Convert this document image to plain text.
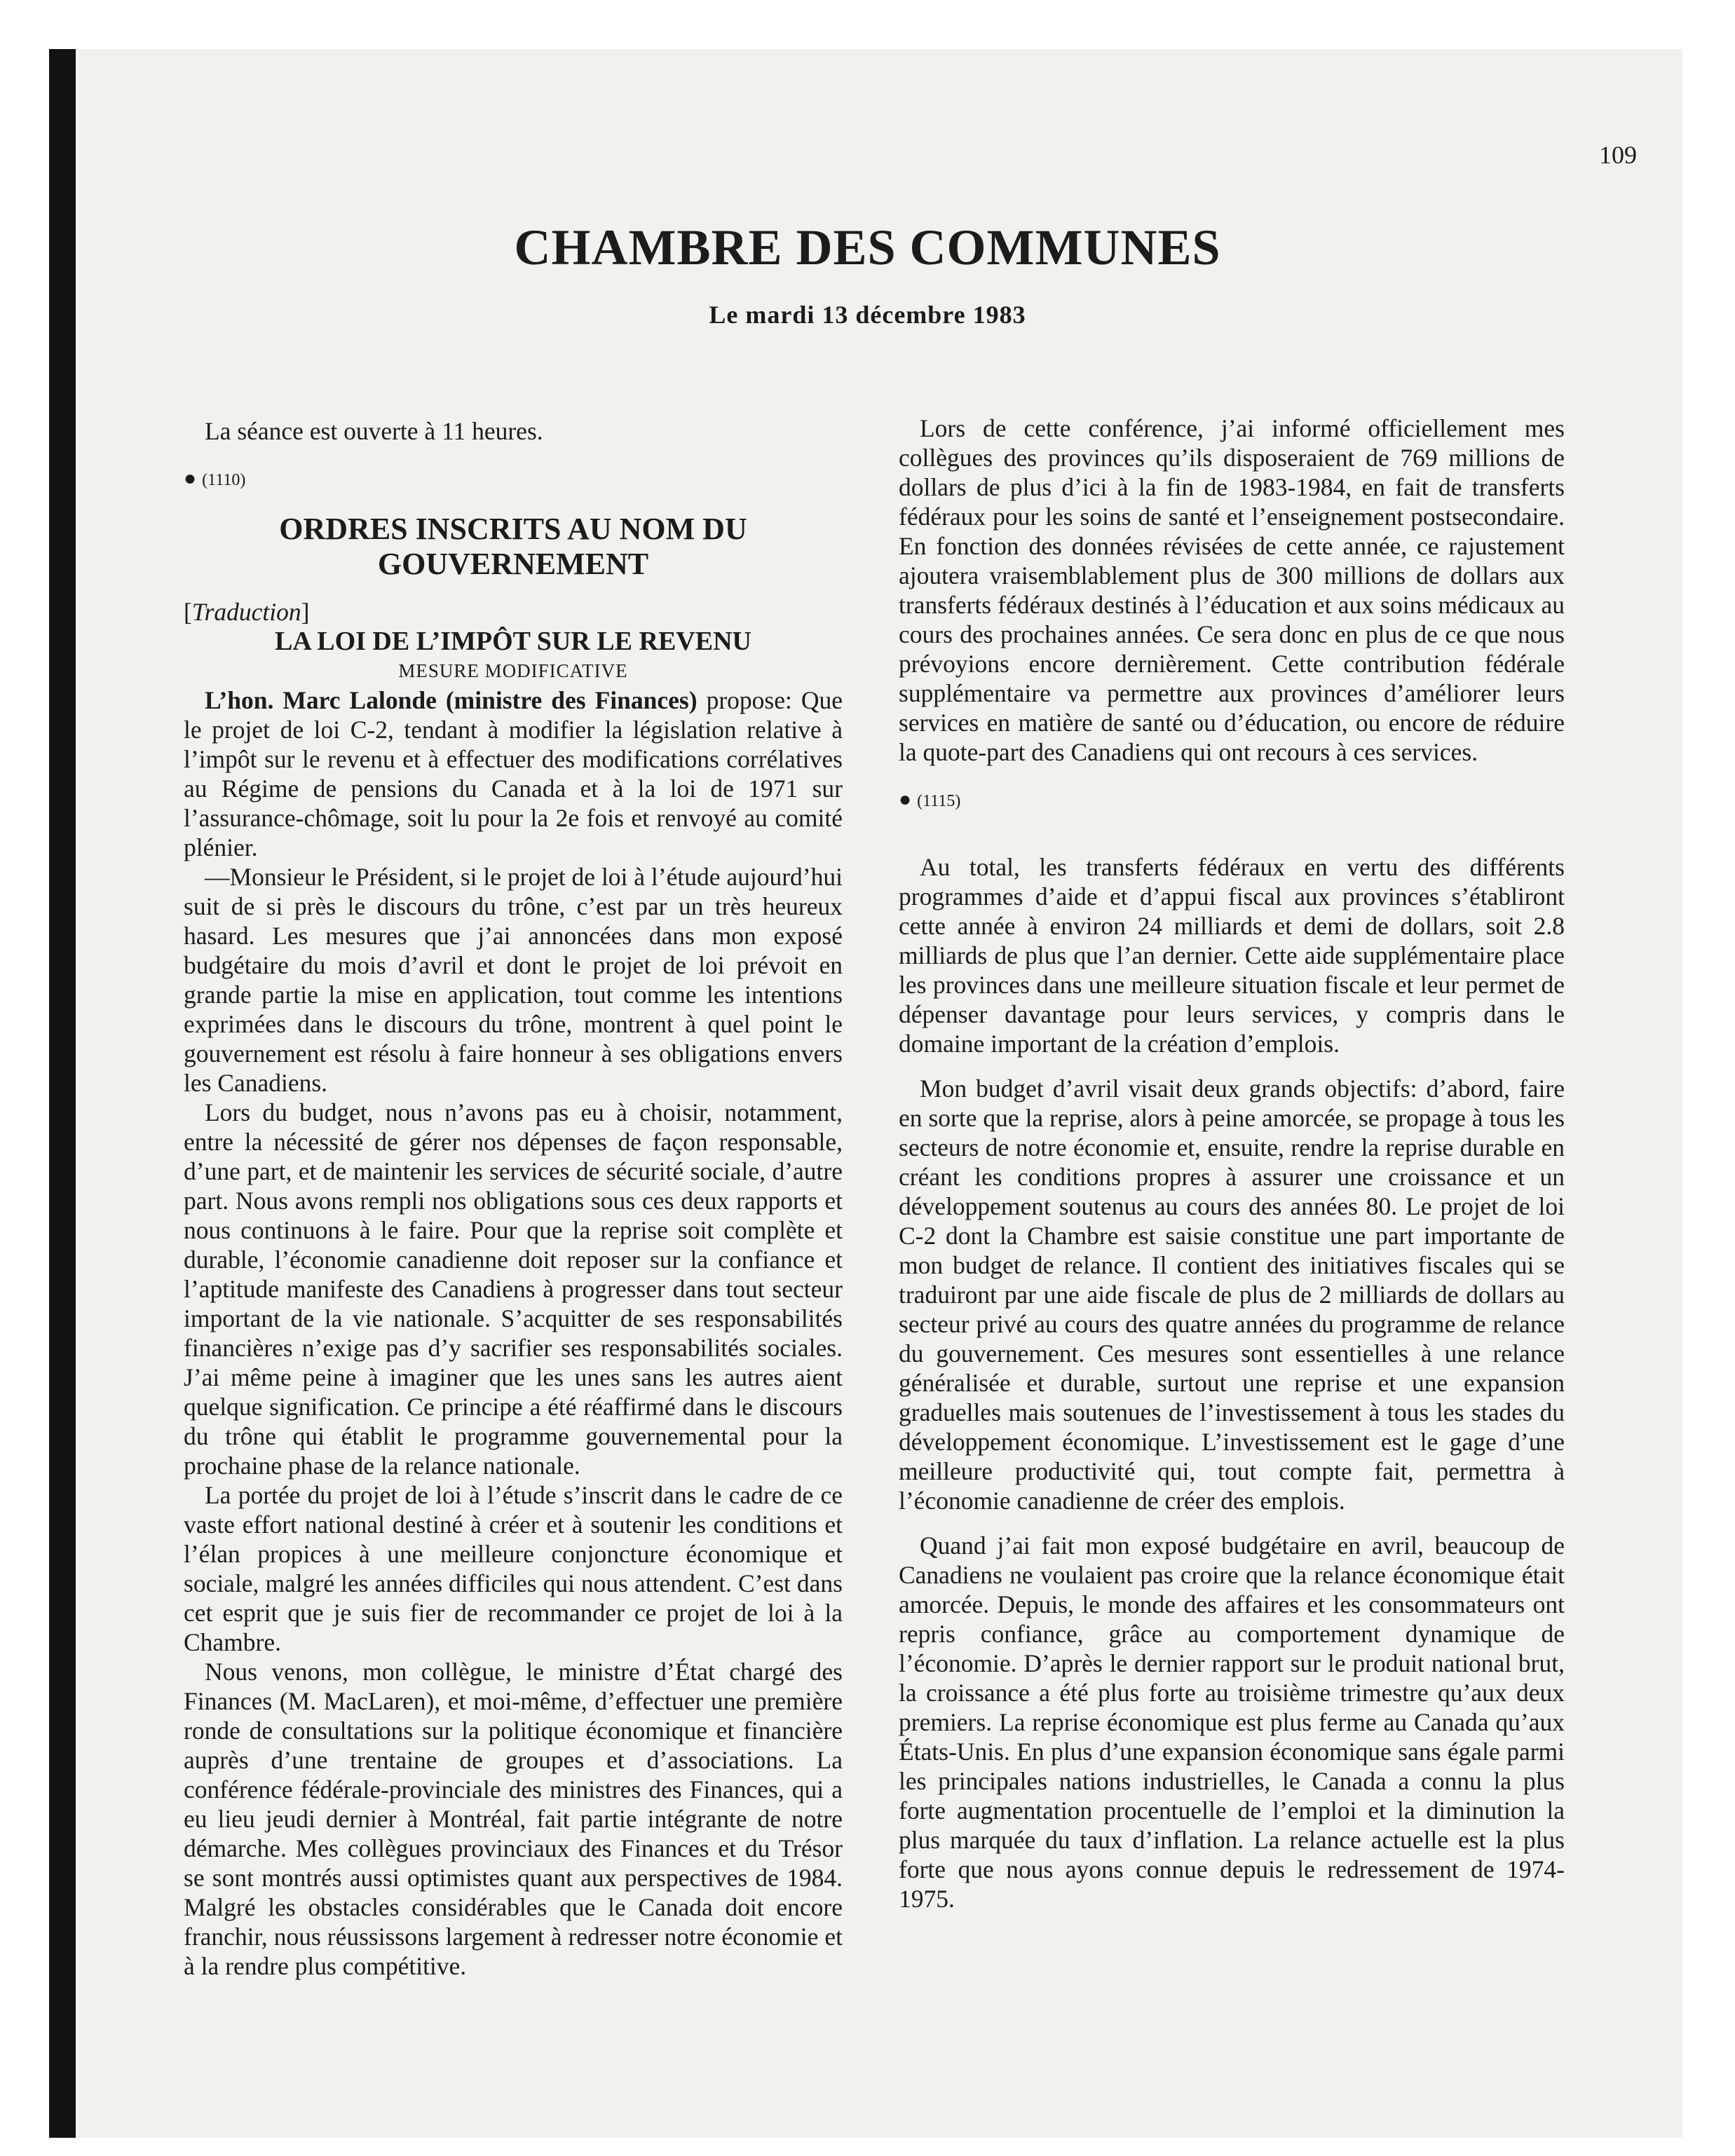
109

CHAMBRE DES COMMUNES

Le mardi 13 décembre 1983

La séance est ouverte à 11 heures.

● (1110)

ORDRES INSCRITS AU NOM DU GOUVERNEMENT

[Traduction]

LA LOI DE L’IMPÔT SUR LE REVENU

MESURE MODIFICATIVE

L’hon. Marc Lalonde (ministre des Finances) propose: Que le projet de loi C-2, tendant à modifier la législation relative à l’impôt sur le revenu et à effectuer des modifications corrélatives au Régime de pensions du Canada et à la loi de 1971 sur l’assurance-chômage, soit lu pour la 2e fois et renvoyé au comité plénier.

—Monsieur le Président, si le projet de loi à l’étude aujourd’hui suit de si près le discours du trône, c’est par un très heureux hasard. Les mesures que j’ai annoncées dans mon exposé budgétaire du mois d’avril et dont le projet de loi prévoit en grande partie la mise en application, tout comme les intentions exprimées dans le discours du trône, montrent à quel point le gouvernement est résolu à faire honneur à ses obligations envers les Canadiens.

Lors du budget, nous n’avons pas eu à choisir, notamment, entre la nécessité de gérer nos dépenses de façon responsable, d’une part, et de maintenir les services de sécurité sociale, d’autre part. Nous avons rempli nos obligations sous ces deux rapports et nous continuons à le faire. Pour que la reprise soit complète et durable, l’économie canadienne doit reposer sur la confiance et l’aptitude manifeste des Canadiens à progresser dans tout secteur important de la vie nationale. S’acquitter de ses responsabilités financières n’exige pas d’y sacrifier ses responsabilités sociales. J’ai même peine à imaginer que les unes sans les autres aient quelque signification. Ce principe a été réaffirmé dans le discours du trône qui établit le programme gouvernemental pour la prochaine phase de la relance nationale.

La portée du projet de loi à l’étude s’inscrit dans le cadre de ce vaste effort national destiné à créer et à soutenir les conditions et l’élan propices à une meilleure conjoncture économique et sociale, malgré les années difficiles qui nous attendent. C’est dans cet esprit que je suis fier de recommander ce projet de loi à la Chambre.

Nous venons, mon collègue, le ministre d’État chargé des Finances (M. MacLaren), et moi-même, d’effectuer une première ronde de consultations sur la politique économique et financière auprès d’une trentaine de groupes et d’associations. La conférence fédérale-provinciale des ministres des Finances, qui a eu lieu jeudi dernier à Montréal, fait partie intégrante de notre démarche. Mes collègues provinciaux des Finances et du Trésor se sont montrés aussi optimistes quant aux perspectives de 1984. Malgré les obstacles considérables que le Canada doit encore franchir, nous réussissons largement à redresser notre économie et à la rendre plus compétitive.

Lors de cette conférence, j’ai informé officiellement mes collègues des provinces qu’ils disposeraient de 769 millions de dollars de plus d’ici à la fin de 1983-1984, en fait de transferts fédéraux pour les soins de santé et l’enseignement postsecondaire. En fonction des données révisées de cette année, ce rajustement ajoutera vraisemblablement plus de 300 millions de dollars aux transferts fédéraux destinés à l’éducation et aux soins médicaux au cours des prochaines années. Ce sera donc en plus de ce que nous prévoyions encore dernièrement. Cette contribution fédérale supplémentaire va permettre aux provinces d’améliorer leurs services en matière de santé ou d’éducation, ou encore de réduire la quote-part des Canadiens qui ont recours à ces services.

● (1115)

Au total, les transferts fédéraux en vertu des différents programmes d’aide et d’appui fiscal aux provinces s’établiront cette année à environ 24 milliards et demi de dollars, soit 2.8 milliards de plus que l’an dernier. Cette aide supplémentaire place les provinces dans une meilleure situation fiscale et leur permet de dépenser davantage pour leurs services, y compris dans le domaine important de la création d’emplois.

Mon budget d’avril visait deux grands objectifs: d’abord, faire en sorte que la reprise, alors à peine amorcée, se propage à tous les secteurs de notre économie et, ensuite, rendre la reprise durable en créant les conditions propres à assurer une croissance et un développement soutenus au cours des années 80. Le projet de loi C-2 dont la Chambre est saisie constitue une part importante de mon budget de relance. Il contient des initiatives fiscales qui se traduiront par une aide fiscale de plus de 2 milliards de dollars au secteur privé au cours des quatre années du programme de relance du gouvernement. Ces mesures sont essentielles à une relance généralisée et durable, surtout une reprise et une expansion graduelles mais soutenues de l’investissement à tous les stades du développement économique. L’investissement est le gage d’une meilleure productivité qui, tout compte fait, permettra à l’économie canadienne de créer des emplois.

Quand j’ai fait mon exposé budgétaire en avril, beaucoup de Canadiens ne voulaient pas croire que la relance économique était amorcée. Depuis, le monde des affaires et les consommateurs ont repris confiance, grâce au comportement dynamique de l’économie. D’après le dernier rapport sur le produit national brut, la croissance a été plus forte au troisième trimestre qu’aux deux premiers. La reprise économique est plus ferme au Canada qu’aux États-Unis. En plus d’une expansion économique sans égale parmi les principales nations industrielles, le Canada a connu la plus forte augmentation procentuelle de l’emploi et la diminution la plus marquée du taux d’inflation. La relance actuelle est la plus forte que nous ayons connue depuis le redressement de 1974-1975.
